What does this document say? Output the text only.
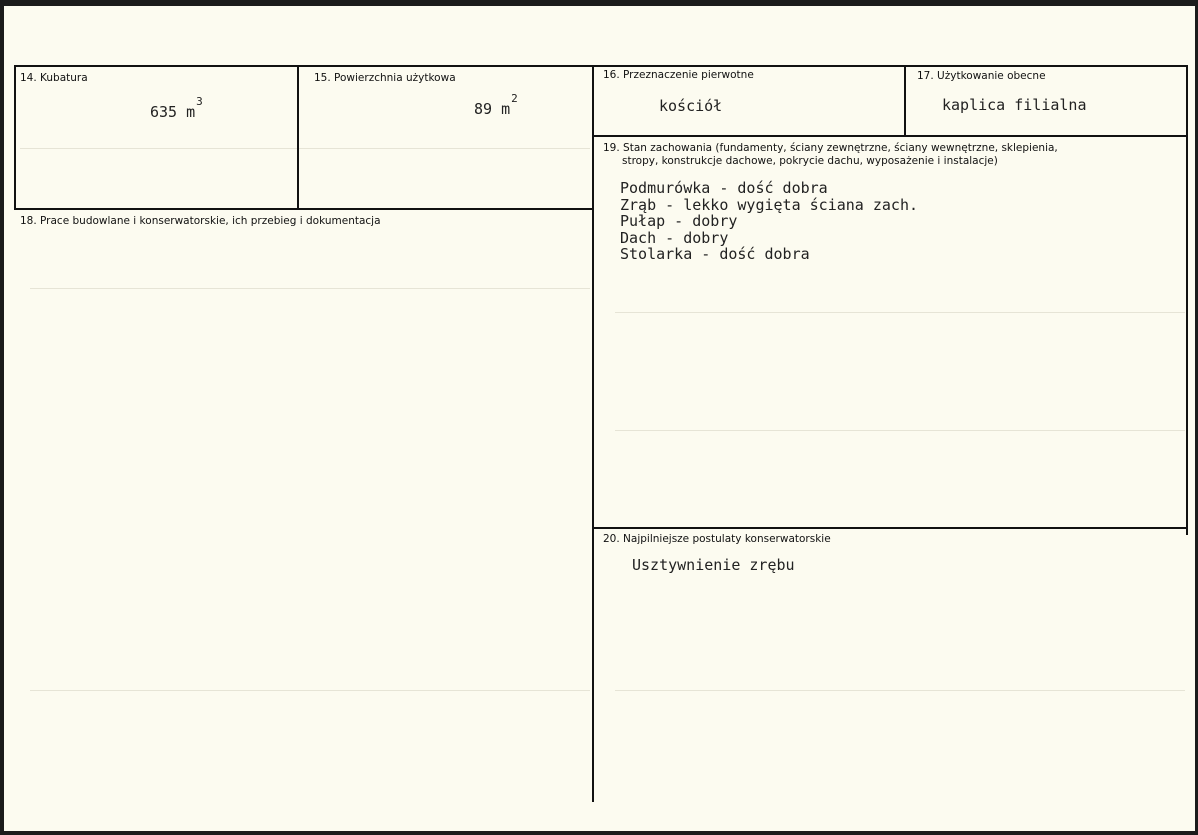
14. Kubatura
635 $m^3$
15. Powierzchnia użytkowa
89 $m^2$
16. Przeznaczenie pierwotne
kościół
17. Użytkowanie obecne
kaplica filialna
18. Prace budowlane i konserwatorskie, ich przebieg i dokumentacja
19. Stan zachowania (fundamenty, ściany zewnętrzne, ściany wewnętrzne, sklepienia,
stropy, konstrukcje dachowe, pokrycie dachu, wyposażenie i instalacje)
Podmurówka - dość dobra
Zrąb - lekko wygięta ściana zach.
Pułap - dobry
Dach - dobry
Stolarka - dość dobra
20. Najpilniejsze postulaty konserwatorskie
Usztywnienie zrębu
